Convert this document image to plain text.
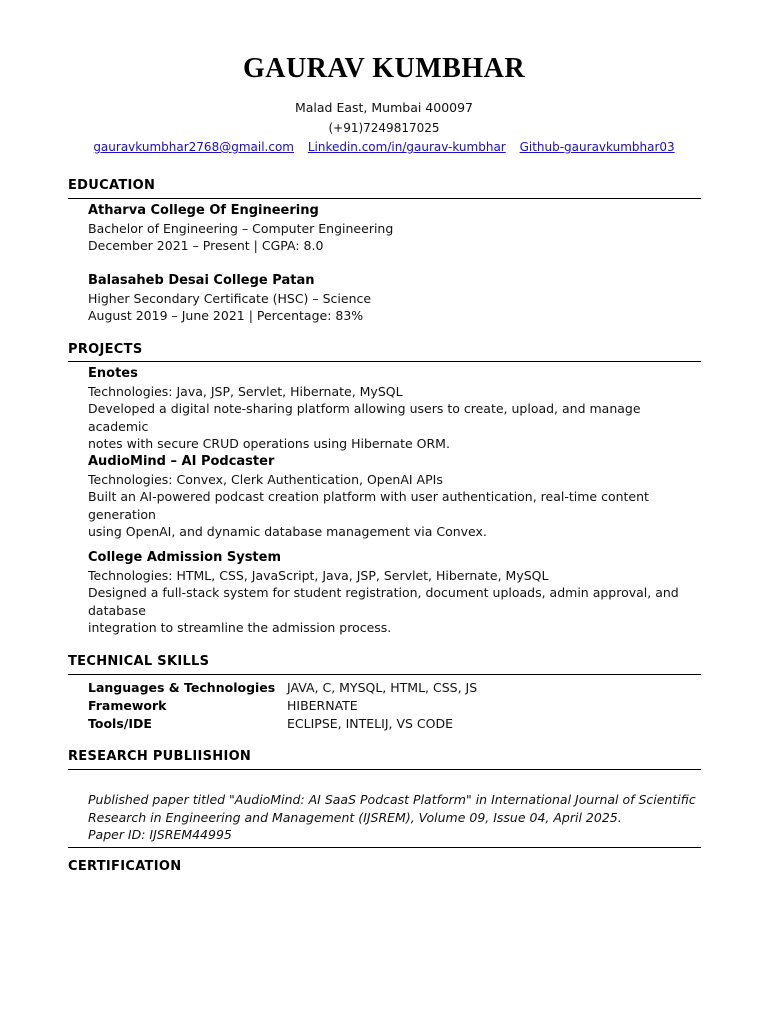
GAURAV KUMBHAR
Malad East, Mumbai 400097
(+91)7249817025
gauravkumbhar2768@gmail.com Linkedin.com/in/gaurav-kumbhar Github-gauravkumbhar03
EDUCATION
Atharva College Of Engineering
Bachelor of Engineering – Computer Engineering
December 2021 – Present | CGPA: 8.0
Balasaheb Desai College Patan
Higher Secondary Certificate (HSC) – Science
August 2019 – June 2021 | Percentage: 83%
PROJECTS
Enotes
Technologies: Java, JSP, Servlet, Hibernate, MySQL
Developed a digital note-sharing platform allowing users to create, upload, and manage academic
notes with secure CRUD operations using Hibernate ORM.
AudioMind – AI Podcaster
Technologies: Convex, Clerk Authentication, OpenAI APIs
Built an AI-powered podcast creation platform with user authentication, real-time content generation
using OpenAI, and dynamic database management via Convex.
College Admission System
Technologies: HTML, CSS, JavaScript, Java, JSP, Servlet, Hibernate, MySQL
Designed a full-stack system for student registration, document uploads, admin approval, and database
integration to streamline the admission process.
TECHNICAL SKILLS
Languages & Technologies	JAVA, C, MYSQL, HTML, CSS, JS
Framework	HIBERNATE
Tools/IDE	ECLIPSE, INTELIJ, VS CODE
RESEARCH PUBLIISHION
Published paper titled "AudioMind: AI SaaS Podcast Platform" in International Journal of Scientific
Research in Engineering and Management (IJSREM), Volume 09, Issue 04, April 2025.
Paper ID: IJSREM44995
CERTIFICATION
